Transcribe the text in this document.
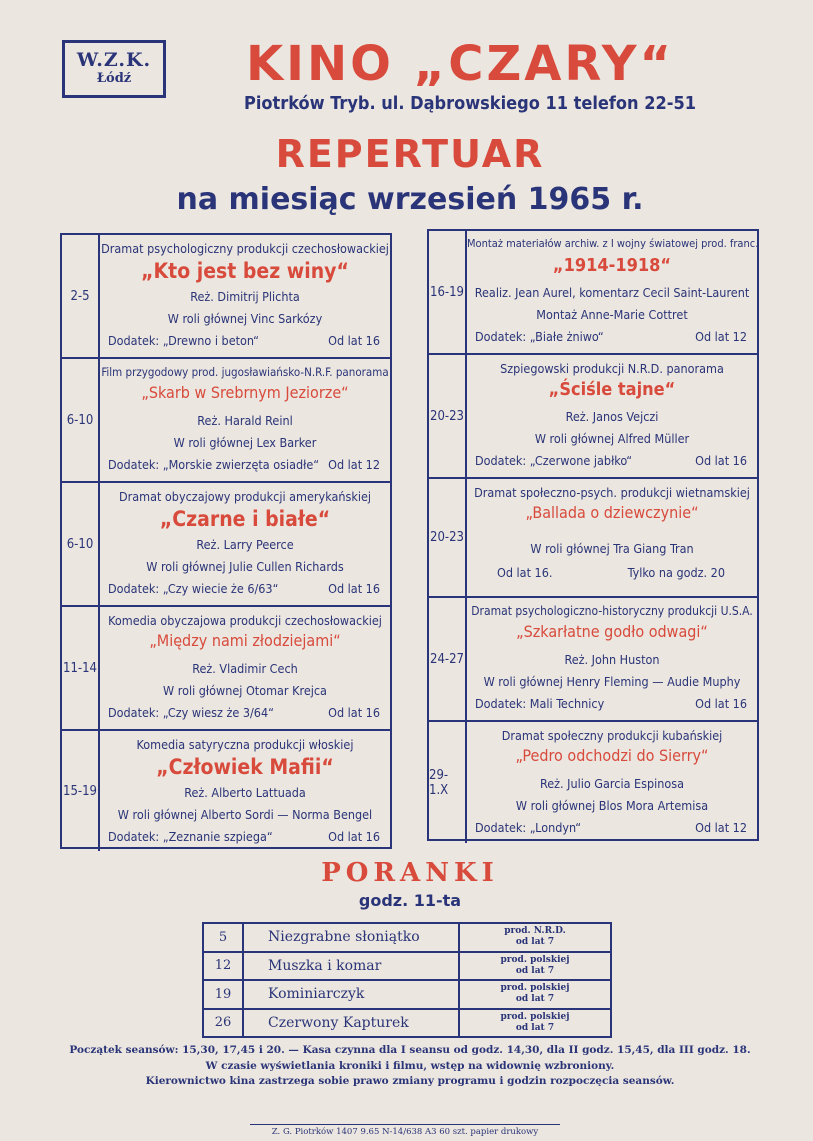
W.Z.K.
Łódź	KINO „CZARY“
Piotrków Tryb. ul. Dąbrowskiego 11 telefon 22-51
REPERTUAR
na miesiąc wrzesień 1965 r.
2-5
Dramat psychologiczny produkcji czechosłowackiej
„Kto jest bez winy“
Reż. Dimitrij Plichta
W roli głównej Vinc Sarkózy
Dodatek: „Drewno i beton“	Od lat 16
6-10
Film przygodowy prod. jugosławiańsko-N.R.F. panorama
„Skarb w Srebrnym Jeziorze“
Reż. Harald Reinl
W roli głównej Lex Barker
Dodatek: „Morskie zwierzęta osiadłe“ Od lat 12
6-10
Dramat obyczajowy produkcji amerykańskiej
„Czarne i białe“
Reż. Larry Peerce
W roli głównej Julie Cullen Richards
Dodatek: „Czy wiecie że 6/63“	Od lat 16
11-14
Komedia obyczajowa produkcji czechosłowackiej
„Między nami złodziejami“
Reż. Vladimir Cech
W roli głównej Otomar Krejca
Dodatek: „Czy wiesz że 3/64“	Od lat 16
15-19
Komedia satyryczna produkcji włoskiej
„Człowiek Mafii“
Reż. Alberto Lattuada
W roli głównej Alberto Sordi — Norma Bengel
Dodatek: „Zeznanie szpiega“	Od lat 16
16-19
Montaż materiałów archiw. z I wojny światowej prod. franc.
„1914-1918“
Realiz. Jean Aurel, komentarz Cecil Saint-Laurent
Montaż Anne-Marie Cottret
Dodatek: „Białe żniwo“	Od lat 12
20-23
Szpiegowski produkcji N.R.D. panorama
„Ściśle tajne“
Reż. Janos Vejczi
W roli głównej Alfred Müller
Dodatek: „Czerwone jabłko“	Od lat 16
20-23
Dramat społeczno-psych. produkcji wietnamskiej
„Ballada o dziewczynie“
W roli głównej Tra Giang Tran
Od lat 16.	Tylko na godz. 20
24-27
Dramat psychologiczno-historyczny produkcji U.S.A.
„Szkarłatne godło odwagi“
Reż. John Huston
W roli głównej Henry Fleming — Audie Muphy
Dodatek: Mali Technicy	Od lat 16
29-1.X
Dramat społeczny produkcji kubańskiej
„Pedro odchodzi do Sierry“
Reż. Julio Garcia Espinosa
W roli głównej Blos Mora Artemisa
Dodatek: „Londyn“	Od lat 12
PORANKI
godz. 11-ta
5	Niezgrabne słoniątko	prod. N.R.D.
od lat 7

12	Muszka i komar	prod. polskiej
od lat 7

19	Kominiarczyk	prod. polskiej
od lat 7

26	Czerwony Kapturek	prod. polskiej
od lat 7
Początek seansów: 15,30, 17,45 i 20. — Kasa czynna dla I seansu od godz. 14,30, dla II godz. 15,45, dla III godz. 18.
W czasie wyświetlania kroniki i filmu, wstęp na widownię wzbroniony.
Kierownictwo kina zastrzega sobie prawo zmiany programu i godzin rozpoczęcia seansów.
Z. G. Piotrków 1407 9.65 N-14/638 A3 60 szt. papier drukowy
